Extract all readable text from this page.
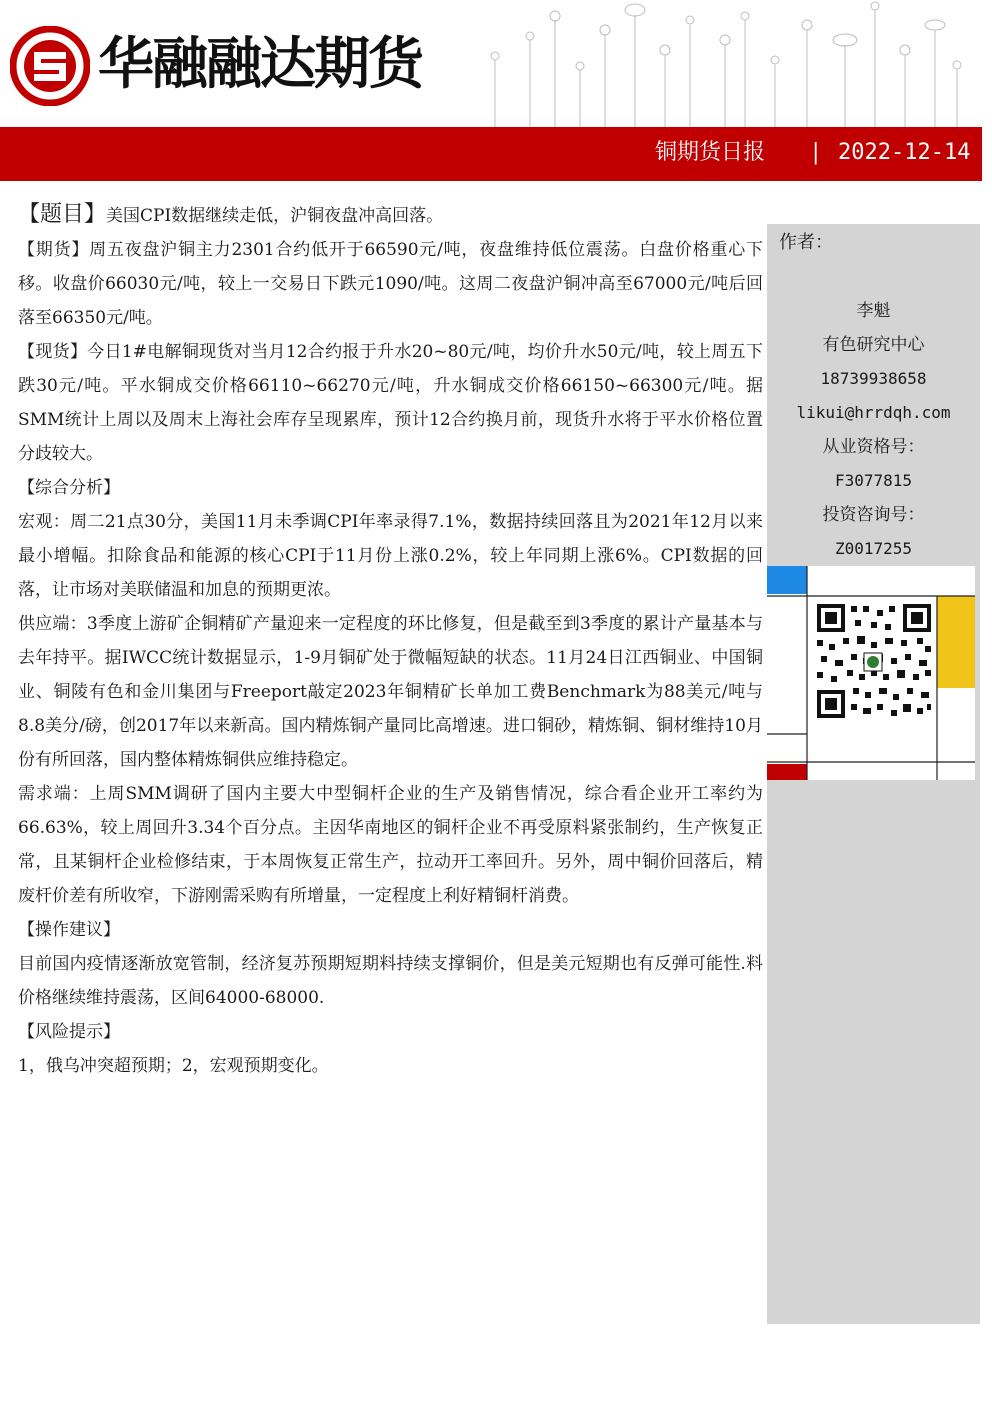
华融融达期货
铜期货日报 | 2022-12-14

【题目】美国CPI数据继续走低，沪铜夜盘冲高回落。

【期货】周五夜盘沪铜主力2301合约低开于66590元/吨，夜盘维持低位震荡。白盘价格重心下移。收盘价66030元/吨，较上一交易日下跌元1090/吨。这周二夜盘沪铜冲高至67000元/吨后回落至66350元/吨。

【现货】今日1#电解铜现货对当月12合约报于升水20~80元/吨，均价升水50元/吨，较上周五下跌30元/吨。平水铜成交价格66110~66270元/吨，升水铜成交价格66150~66300元/吨。据SMM统计上周以及周末上海社会库存呈现累库，预计12合约换月前，现货升水将于平水价格位置分歧较大。

【综合分析】

宏观：周二21点30分，美国11月未季调CPI年率录得7.1%，数据持续回落且为2021年12月以来最小增幅。扣除食品和能源的核心CPI于11月份上涨0.2%，较上年同期上涨6%。CPI数据的回落，让市场对美联储温和加息的预期更浓。

供应端：3季度上游矿企铜精矿产量迎来一定程度的环比修复，但是截至到3季度的累计产量基本与去年持平。据IWCC统计数据显示，1-9月铜矿处于微幅短缺的状态。11月24日江西铜业、中国铜业、铜陵有色和金川集团与Freeport敲定2023年铜精矿长单加工费Benchmark为88美元/吨与8.8美分/磅，创2017年以来新高。国内精炼铜产量同比高增速。进口铜砂，精炼铜、铜材维持10月份有所回落，国内整体精炼铜供应维持稳定。

需求端：上周SMM调研了国内主要大中型铜杆企业的生产及销售情况，综合看企业开工率约为66.63%，较上周回升3.34个百分点。主因华南地区的铜杆企业不再受原料紧张制约，生产恢复正常，且某铜杆企业检修结束，于本周恢复正常生产，拉动开工率回升。另外，周中铜价回落后，精废杆价差有所收窄，下游刚需采购有所增量，一定程度上利好精铜杆消费。

【操作建议】

目前国内疫情逐渐放宽管制，经济复苏预期短期料持续支撑铜价，但是美元短期也有反弹可能性.料价格继续维持震荡，区间64000-68000.

【风险提示】

1，俄乌冲突超预期；2，宏观预期变化。

作者：
李魁
有色研究中心
18739938658
likui@hrrdqh.com
从业资格号：
F3077815
投资咨询号：
Z0017255
